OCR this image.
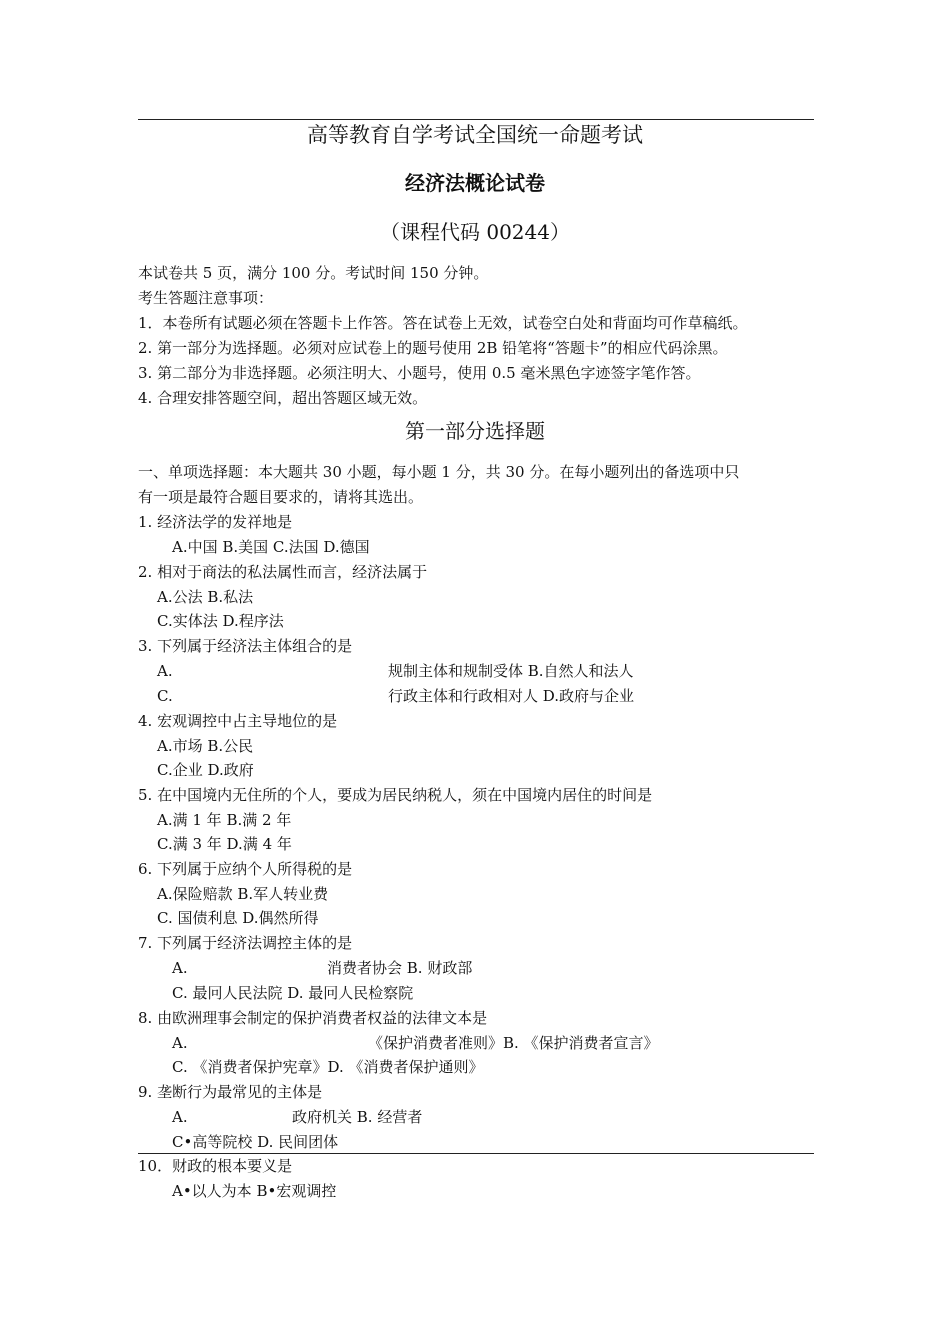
高等教育自学考试全国统一命题考试
经济法概论试卷
（课程代码 00244）
本试卷共 5 页，满分 100 分。考试时间 150 分钟。
考生答题注意事项：
1．本卷所有试题必须在答题卡上作答。答在试卷上无效，试卷空白处和背面均可作草稿纸。
2. 第一部分为选择题。必须对应试卷上的题号使用 2B 铅笔将“答题卡”的相应代码涂黑。
3. 第二部分为非选择题。必须注明大、小题号，使用 0.5 毫米黑色字迹签字笔作答。
4. 合理安排答题空间，超出答题区域无效。
第一部分选择题
一、单项选择题：本大题共 30 小题，每小题 1 分，共 30 分。在每小题列出的备选项中只
有一项是最符合题目要求的，请将其选出。
1. 经济法学的发祥地是
A.中国 B.美国 C.法国 D.德国
2. 相对于商法的私法属性而言，经济法属于
A.公法 B.私法
C.实体法 D.程序法
3. 下列属于经济法主体组合的是
A.	规制主体和规制受体 B.自然人和法人
C.	行政主体和行政相对人 D.政府与企业
4. 宏观调控中占主导地位的是
A.市场 B.公民
C.企业 D.政府
5. 在中国境内无住所的个人，要成为居民纳税人，须在中国境内居住的时间是
A.满 1 年 B.满 2 年
C.满 3 年 D.满 4 年
6. 下列属于应纳个人所得税的是
A.保险赔款 B.军人转业费
C. 国债利息 D.偶然所得
7. 下列属于经济法调控主体的是
A.	消费者协会 B. 财政部
C. 最冋人民法院 D. 最冋人民检察院
8. 由欧洲理事会制定的保护消费者权益的法律文本是
A.	《保护消费者准则》B. 《保护消费者宣言》
C. 《消费者保护宪章》D. 《消费者保护通则》
9. 垄断行为最常见的主体是
A.	政府机关 B. 经营者
C•高等院校 D. 民间团体
10．财政的根本要义是
A•以人为本 B•宏观调控
